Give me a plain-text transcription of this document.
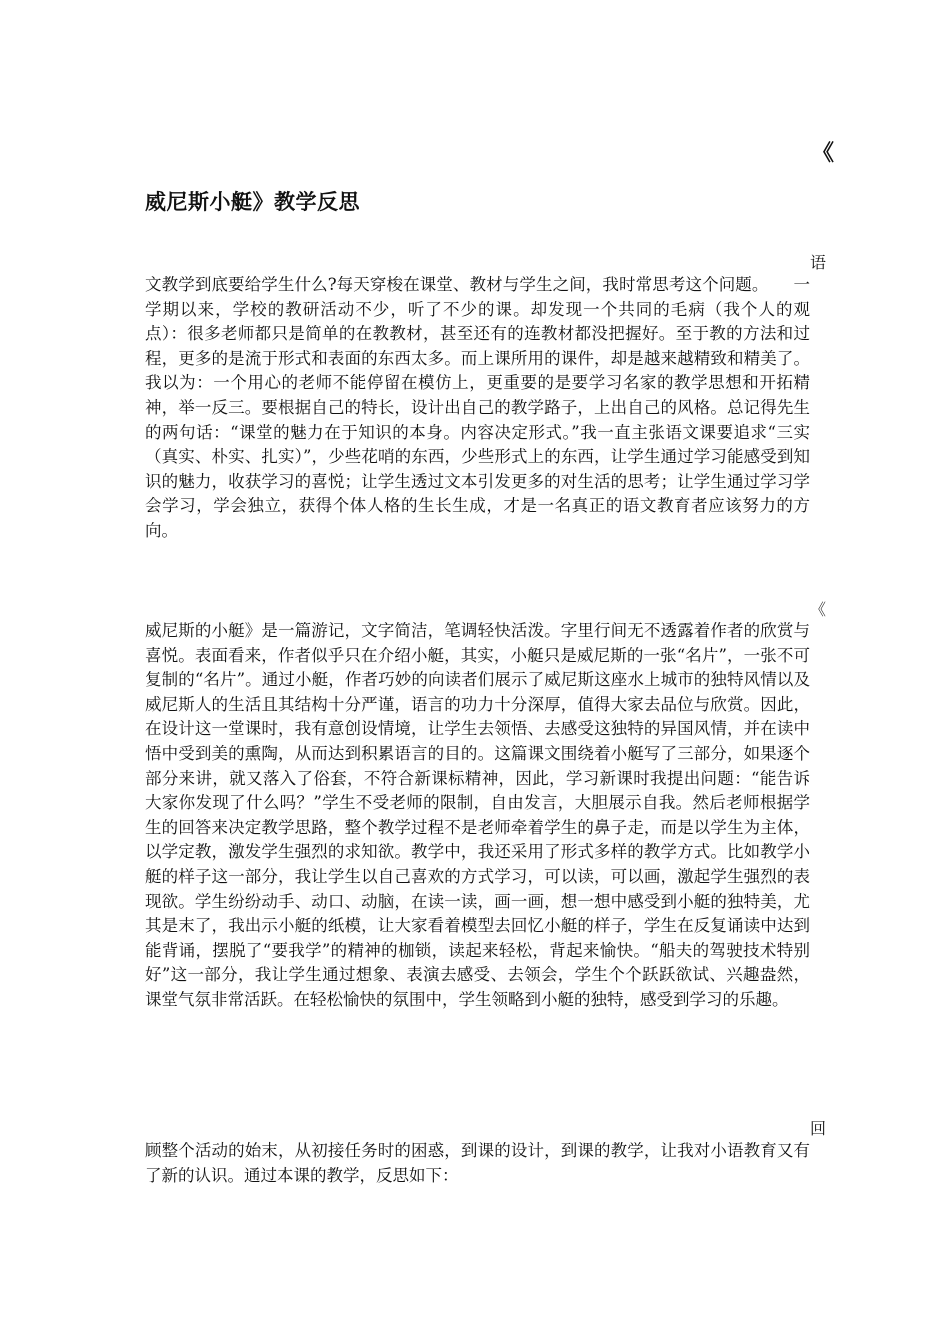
《
威尼斯小艇》教学反思
语
文教学到底要给学生什么?每天穿梭在课堂、教材与学生之间，我时常思考这个问题。　　一学期以来，学校的教研活动不少，听了不少的课。却发现一个共同的毛病（我个人的观点）：很多老师都只是简单的在教教材，甚至还有的连教材都没把握好。至于教的方法和过程，更多的是流于形式和表面的东西太多。而上课所用的课件，却是越来越精致和精美了。我以为：一个用心的老师不能停留在模仿上，更重要的是要学习名家的教学思想和开拓精神，举一反三。要根据自己的特长，设计出自己的教学路子，上出自己的风格。总记得先生的两句话：“课堂的魅力在于知识的本身。内容决定形式。”我一直主张语文课要追求“三实（真实、朴实、扎实）”，少些花哨的东西，少些形式上的东西，让学生通过学习能感受到知识的魅力，收获学习的喜悦；让学生透过文本引发更多的对生活的思考；让学生通过学习学会学习，学会独立，获得个体人格的生长生成，才是一名真正的语文教育者应该努力的方向。
《
威尼斯的小艇》是一篇游记，文字简洁，笔调轻快活泼。字里行间无不透露着作者的欣赏与喜悦。表面看来，作者似乎只在介绍小艇，其实，小艇只是威尼斯的一张“名片”，一张不可复制的“名片”。通过小艇，作者巧妙的向读者们展示了威尼斯这座水上城市的独特风情以及威尼斯人的生活且其结构十分严谨，语言的功力十分深厚，值得大家去品位与欣赏。因此，在设计这一堂课时，我有意创设情境，让学生去领悟、去感受这独特的异国风情，并在读中悟中受到美的熏陶，从而达到积累语言的目的。这篇课文围绕着小艇写了三部分，如果逐个部分来讲，就又落入了俗套，不符合新课标精神，因此，学习新课时我提出问题：“能告诉大家你发现了什么吗？”学生不受老师的限制，自由发言，大胆展示自我。然后老师根据学生的回答来决定教学思路，整个教学过程不是老师牵着学生的鼻子走，而是以学生为主体，以学定教，激发学生强烈的求知欲。教学中，我还采用了形式多样的教学方式。比如教学小艇的样子这一部分，我让学生以自己喜欢的方式学习，可以读，可以画，激起学生强烈的表现欲。学生纷纷动手、动口、动脑，在读一读，画一画，想一想中感受到小艇的独特美，尤其是末了，我出示小艇的纸模，让大家看着模型去回忆小艇的样子，学生在反复诵读中达到能背诵，摆脱了“要我学”的精神的枷锁，读起来轻松，背起来愉快。“船夫的驾驶技术特别好”这一部分，我让学生通过想象、表演去感受、去领会，学生个个跃跃欲试、兴趣盎然，课堂气氛非常活跃。在轻松愉快的氛围中，学生领略到小艇的独特，感受到学习的乐趣。
回
顾整个活动的始末，从初接任务时的困惑，到课的设计，到课的教学，让我对小语教育又有了新的认识。通过本课的教学，反思如下：
